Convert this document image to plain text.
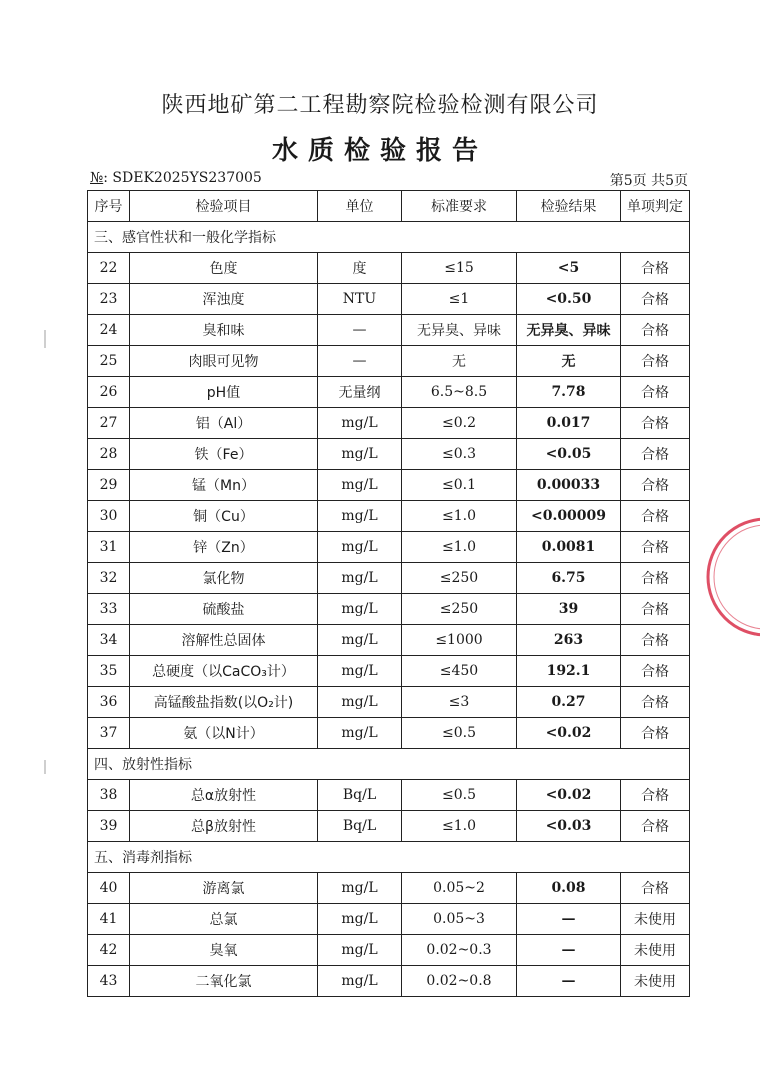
陕西地矿第二工程勘察院检验检测有限公司
水质检验报告
№: SDEK2025YS237005	第5页 共5页
序号	检验项目	单位	标准要求	检验结果	单项判定
三、感官性状和一般化学指标					
22	色度	度	≤15	<5	合格
23	浑浊度	NTU	≤1	<0.50	合格
24	臭和味	—	无异臭、异味	无异臭、异味	合格
25	肉眼可见物	—	无	无	合格
26	pH值	无量纲	6.5~8.5	7.78	合格
27	铝（Al）	mg/L	≤0.2	0.017	合格
28	铁（Fe）	mg/L	≤0.3	<0.05	合格
29	锰（Mn）	mg/L	≤0.1	0.00033	合格
30	铜（Cu）	mg/L	≤1.0	<0.00009	合格
31	锌（Zn）	mg/L	≤1.0	0.0081	合格
32	氯化物	mg/L	≤250	6.75	合格
33	硫酸盐	mg/L	≤250	39	合格
34	溶解性总固体	mg/L	≤1000	263	合格
35	总硬度（以CaCO₃计）	mg/L	≤450	192.1	合格
36	高锰酸盐指数(以O₂计)	mg/L	≤3	0.27	合格
37	氨（以N计）	mg/L	≤0.5	<0.02	合格
四、放射性指标					
38	总α放射性	Bq/L	≤0.5	<0.02	合格
39	总β放射性	Bq/L	≤1.0	<0.03	合格
五、消毒剂指标					
40	游离氯	mg/L	0.05~2	0.08	合格
41	总氯	mg/L	0.05~3	—	未使用
42	臭氧	mg/L	0.02~0.3	—	未使用
43	二氧化氯	mg/L	0.02~0.8	—	未使用
